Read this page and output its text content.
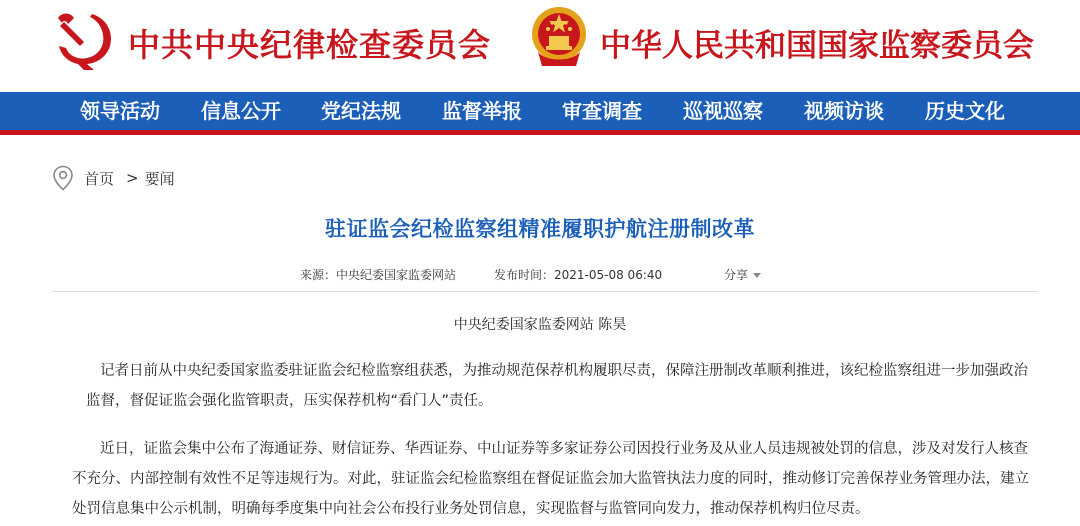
中共中央纪律检查委员会	中华人民共和国国家监察委员会
领导活动 信息公开 党纪法规 监督举报 审查调查 巡视巡察 视频访谈 历史文化
首页 > 要闻
驻证监会纪检监察组精准履职护航注册制改革
来源：中央纪委国家监委网站	发布时间：2021-05-08 06:40	分享
中央纪委国家监委网站 陈昊
记者日前从中央纪委国家监委驻证监会纪检监察组获悉，为推动规范保荐机构履职尽责，保障注册制改革顺利推进，该纪检监察组进一步加强政治
监督，督促证监会强化监管职责，压实保荐机构“看门人”责任。
近日，证监会集中公布了海通证券、财信证券、华西证券、中山证券等多家证券公司因投行业务及从业人员违规被处罚的信息，涉及对发行人核查
不充分、内部控制有效性不足等违规行为。对此，驻证监会纪检监察组在督促证监会加大监管执法力度的同时，推动修订完善保荐业务管理办法，建立
处罚信息集中公示机制，明确每季度集中向社会公布投行业务处罚信息，实现监督与监管同向发力，推动保荐机构归位尽责。
